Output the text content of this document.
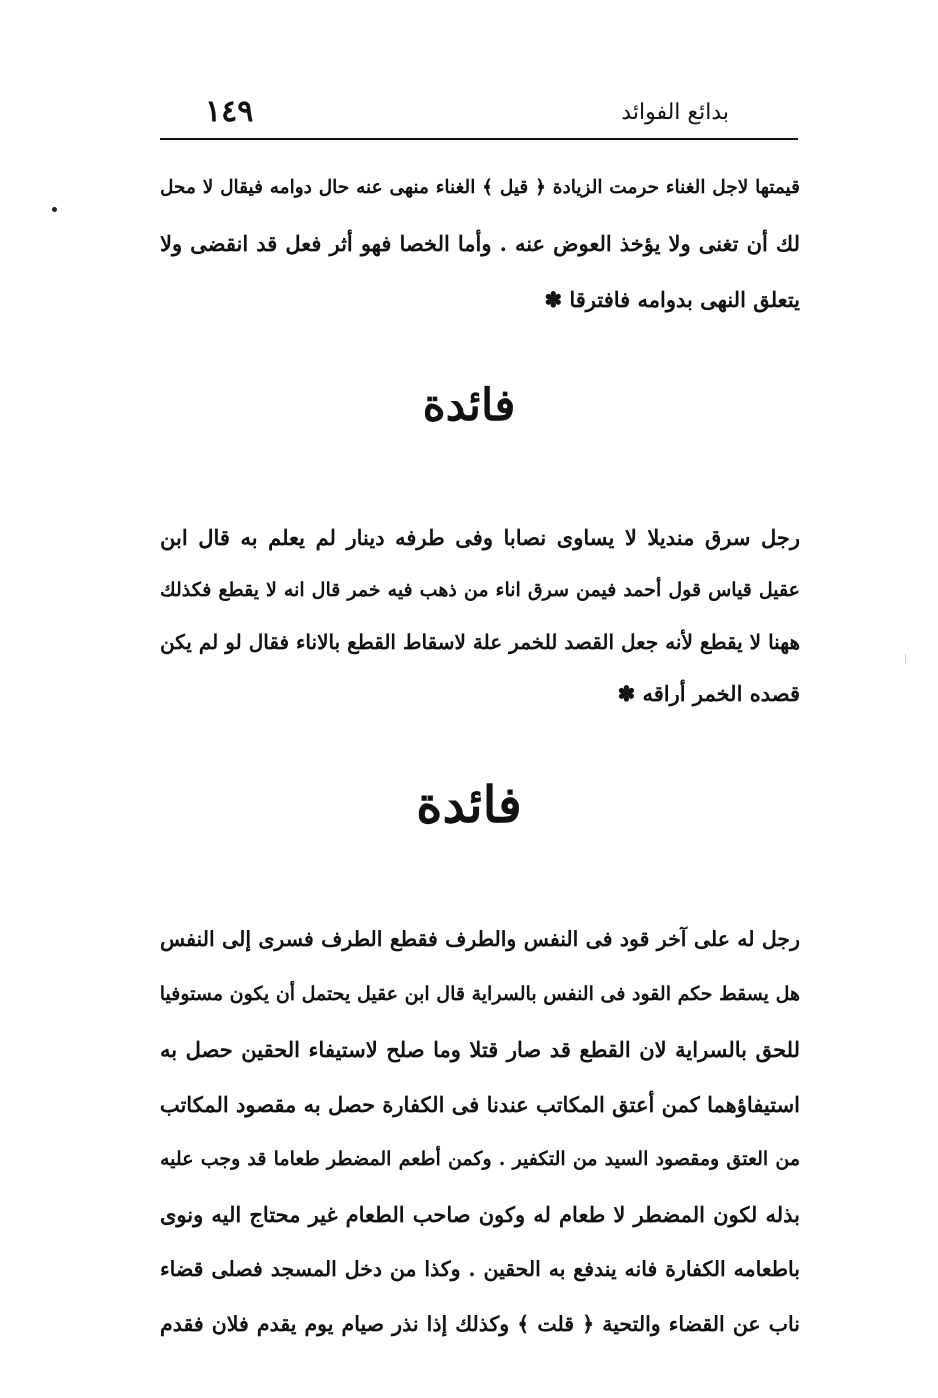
١٤٩	بدائع الفوائد

قيمتها لاجل الغناء حرمت الزيادة ﴿ قيل ﴾ الغناء منهى عنه حال دوامه فيقال لا محل

لك أن تغنى ولا يؤخذ العوض عنه . وأما الخصا فهو أثر فعل قد انقضى ولا

يتعلق النهى بدوامه فافترقا ✽

فائدة

رجل سرق منديلا لا يساوى نصابا وفى طرفه دينار لم يعلم به قال ابن

عقيل قياس قول أحمد فيمن سرق اناء من ذهب فيه خمر قال انه لا يقطع فكذلك

ههنا لا يقطع لأنه جعل القصد للخمر علة لاسقاط القطع بالاناء فقال لو لم يكن

قصده الخمر أراقه ✽

فائدة

رجل له على آخر قود فى النفس والطرف فقطع الطرف فسرى إلى النفس

هل يسقط حكم القود فى النفس بالسراية قال ابن عقيل يحتمل أن يكون مستوفيا

للحق بالسراية لان القطع قد صار قتلا وما صلح لاستيفاء الحقين حصل به

استيفاؤهما كمن أعتق المكاتب عندنا فى الكفارة حصل به مقصود المكاتب

من العتق ومقصود السيد من التكفير . وكمن أطعم المضطر طعاما قد وجب عليه

بذله لكون المضطر لا طعام له وكون صاحب الطعام غير محتاج اليه ونوى

باطعامه الكفارة فانه يندفع به الحقين . وكذا من دخل المسجد فصلى قضاء

ناب عن القضاء والتحية ﴿ قلت ﴾ وكذلك إذا نذر صيام يوم يقدم فلان فقدم
